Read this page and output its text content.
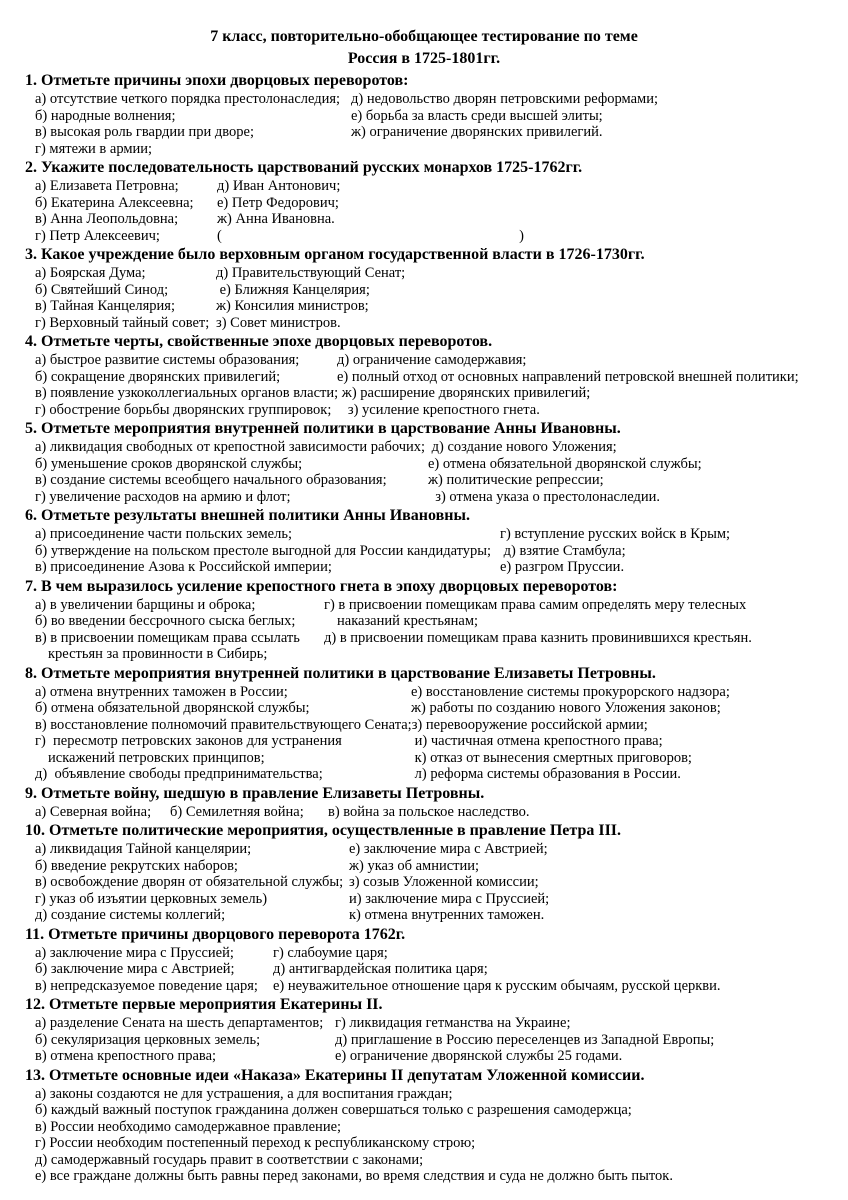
7 класс, повторительно-обобщающее тестирование по теме
Россия в 1725-1801гг.
1. Отметьте причины эпохи дворцовых переворотов:
а) отсутствие четкого порядка престолонаследия; д) недовольство дворян петровскими реформами;
б) народные волнения;	е) борьба за власть среди высшей элиты;
в) высокая роль гвардии при дворе;	ж) ограничение дворянских привилегий.
г) мятежи в армии;
2. Укажите последовательность царствований русских монархов 1725-1762гг.
а) Елизавета Петровна;	д) Иван Антонович;
б) Екатерина Алексеевна;	е) Петр Федорович;
в) Анна Леопольдовна;	ж) Анна Ивановна.
г) Петр Алексеевич;	(                                                                                  )
3. Какое учреждение было верховным органом государственной власти в 1726-1730гг.
а) Боярская Дума;	д) Правительствующий Сенат;
б) Святейший Синод;	е) Ближняя Канцелярия;
в) Тайная Канцелярия;	ж) Консилия министров;
г) Верховный тайный совет; з) Совет министров.
4. Отметьте черты, свойственные эпохе дворцовых переворотов.
а) быстрое развитие системы образования;	д) ограничение самодержавия;
б) сокращение дворянских привилегий;	е) полный отход от основных направлений петровской внешней политики;
в) появление узкоколлегиальных органов власти; ж) расширение дворянских привилегий;
г) обострение борьбы дворянских группировок; з) усиление крепостного гнета.
5. Отметьте мероприятия внутренней политики в царствование Анны Ивановны.
а) ликвидация свободных от крепостной зависимости рабочих; д) создание нового Уложения;
б) уменьшение сроков дворянской службы;	е) отмена обязательной дворянской службы;
в) создание системы всеобщего начального образования;	ж) политические репрессии;
г) увеличение расходов на армию и флот;	з) отмена указа о престолонаследии.
6. Отметьте результаты внешней политики Анны Ивановны.
а) присоединение части польских земель;	г) вступление русских войск в Крым;
б) утверждение на польском престоле выгодной для России кандидатуры; д) взятие Стамбула;
в) присоединение Азова к Российской империи;	е) разгром Пруссии.
7. В чем выразилось усиление крепостного гнета в эпоху дворцовых переворотов:
а) в увеличении барщины и оброка;	г) в присвоении помещикам права самим определять меру телесных
б) во введении бессрочного сыска беглых;	наказаний крестьянам;
в) в присвоении помещикам права ссылать	д) в присвоении помещикам права казнить провинившихся крестьян.
крестьян за провинности в Сибирь;
8. Отметьте мероприятия внутренней политики в царствование Елизаветы Петровны.
а) отмена внутренних таможен в России;	е) восстановление системы прокурорского надзора;
б) отмена обязательной дворянской службы;	ж) работы по созданию нового Уложения законов;
в) восстановление полномочий правительствующего Сената; з) перевооружение российской армии;
г)  пересмотр петровских законов для устранения	и) частичная отмена крепостного права;
искажений петровских принципов;	к) отказ от вынесения смертных приговоров;
д)  объявление свободы предпринимательства;	л) реформа системы образования в России.
9. Отметьте войну, шедшую в правление Елизаветы Петровны.
а) Северная война;	б) Семилетняя война;	в) война за польское наследство.
10. Отметьте политические мероприятия, осуществленные в правление Петра III.
а) ликвидация Тайной канцелярии;	е) заключение мира с Австрией;
б) введение рекрутских наборов;	ж) указ об амнистии;
в) освобождение дворян от обязательной службы; з) созыв Уложенной комиссии;
г) указ об изъятии церковных земель)	и) заключение мира с Пруссией;
д) создание системы коллегий;	к) отмена внутренних таможен.
11. Отметьте причины дворцового переворота 1762г.
а) заключение мира с Пруссией;	г) слабоумие царя;
б) заключение мира с Австрией;	д) антигвардейская политика царя;
в) непредсказуемое поведение царя;	е) неуважительное отношение царя к русским обычаям, русской церкви.
12. Отметьте первые мероприятия Екатерины II.
а) разделение Сената на шесть департаментов; г) ликвидация гетманства на Украине;
б) секуляризация церковных земель;	д) приглашение в Россию переселенцев из Западной Европы;
в) отмена крепостного права;	е) ограничение дворянской службы 25 годами.
13. Отметьте основные идеи «Наказа» Екатерины II депутатам Уложенной комиссии.
а) законы создаются не для устрашения, а для воспитания граждан;
б) каждый важный поступок гражданина должен совершаться только с разрешения самодержца;
в) России необходимо самодержавное правление;
г) России необходим постепенный переход к республиканскому строю;
д) самодержавный государь правит в соответствии с законами;
е) все граждане должны быть равны перед законами, во время следствия и суда не должно быть пыток.
